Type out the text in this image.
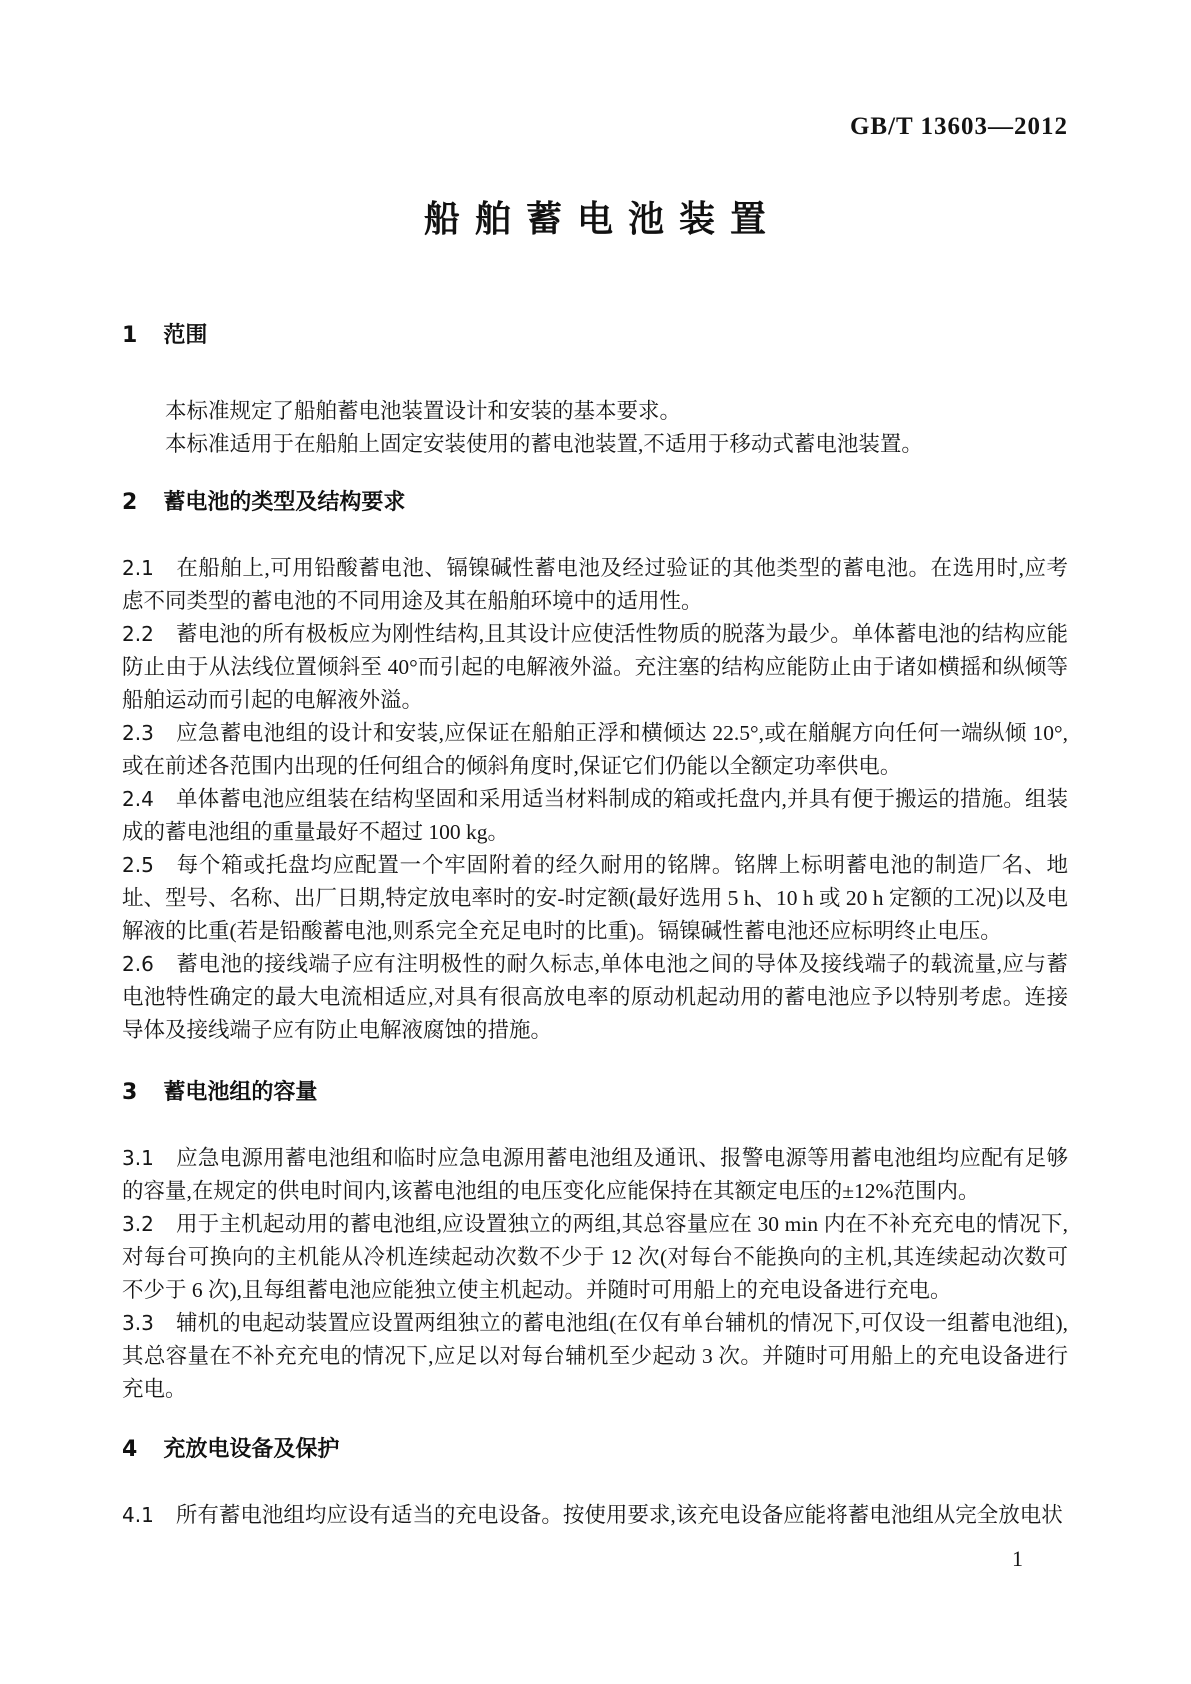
GB/T 13603—2012
船舶蓄电池装置
1 范围

本标准规定了船舶蓄电池装置设计和安装的基本要求。

本标准适用于在船舶上固定安装使用的蓄电池装置,不适用于移动式蓄电池装置。

2 蓄电池的类型及结构要求

2.1 在船舶上,可用铅酸蓄电池、镉镍碱性蓄电池及经过验证的其他类型的蓄电池。在选用时,应考虑不同类型的蓄电池的不同用途及其在船舶环境中的适用性。

2.2 蓄电池的所有极板应为刚性结构,且其设计应使活性物质的脱落为最少。单体蓄电池的结构应能防止由于从法线位置倾斜至 40°而引起的电解液外溢。充注塞的结构应能防止由于诸如横摇和纵倾等船舶运动而引起的电解液外溢。

2.3 应急蓄电池组的设计和安装,应保证在船舶正浮和横倾达 22.5°,或在艏艉方向任何一端纵倾 10°,或在前述各范围内出现的任何组合的倾斜角度时,保证它们仍能以全额定功率供电。

2.4 单体蓄电池应组装在结构坚固和采用适当材料制成的箱或托盘内,并具有便于搬运的措施。组装成的蓄电池组的重量最好不超过 100 kg。

2.5 每个箱或托盘均应配置一个牢固附着的经久耐用的铭牌。铭牌上标明蓄电池的制造厂名、地址、型号、名称、出厂日期,特定放电率时的安-时定额(最好选用 5 h、10 h 或 20 h 定额的工况)以及电解液的比重(若是铅酸蓄电池,则系完全充足电时的比重)。镉镍碱性蓄电池还应标明终止电压。

2.6 蓄电池的接线端子应有注明极性的耐久标志,单体电池之间的导体及接线端子的载流量,应与蓄电池特性确定的最大电流相适应,对具有很高放电率的原动机起动用的蓄电池应予以特别考虑。连接导体及接线端子应有防止电解液腐蚀的措施。

3 蓄电池组的容量

3.1 应急电源用蓄电池组和临时应急电源用蓄电池组及通讯、报警电源等用蓄电池组均应配有足够的容量,在规定的供电时间内,该蓄电池组的电压变化应能保持在其额定电压的±12%范围内。

3.2 用于主机起动用的蓄电池组,应设置独立的两组,其总容量应在 30 min 内在不补充充电的情况下,对每台可换向的主机能从冷机连续起动次数不少于 12 次(对每台不能换向的主机,其连续起动次数可不少于 6 次),且每组蓄电池应能独立使主机起动。并随时可用船上的充电设备进行充电。

3.3 辅机的电起动装置应设置两组独立的蓄电池组(在仅有单台辅机的情况下,可仅设一组蓄电池组),其总容量在不补充充电的情况下,应足以对每台辅机至少起动 3 次。并随时可用船上的充电设备进行充电。

4 充放电设备及保护

4.1 所有蓄电池组均应设有适当的充电设备。按使用要求,该充电设备应能将蓄电池组从完全放电状

1
